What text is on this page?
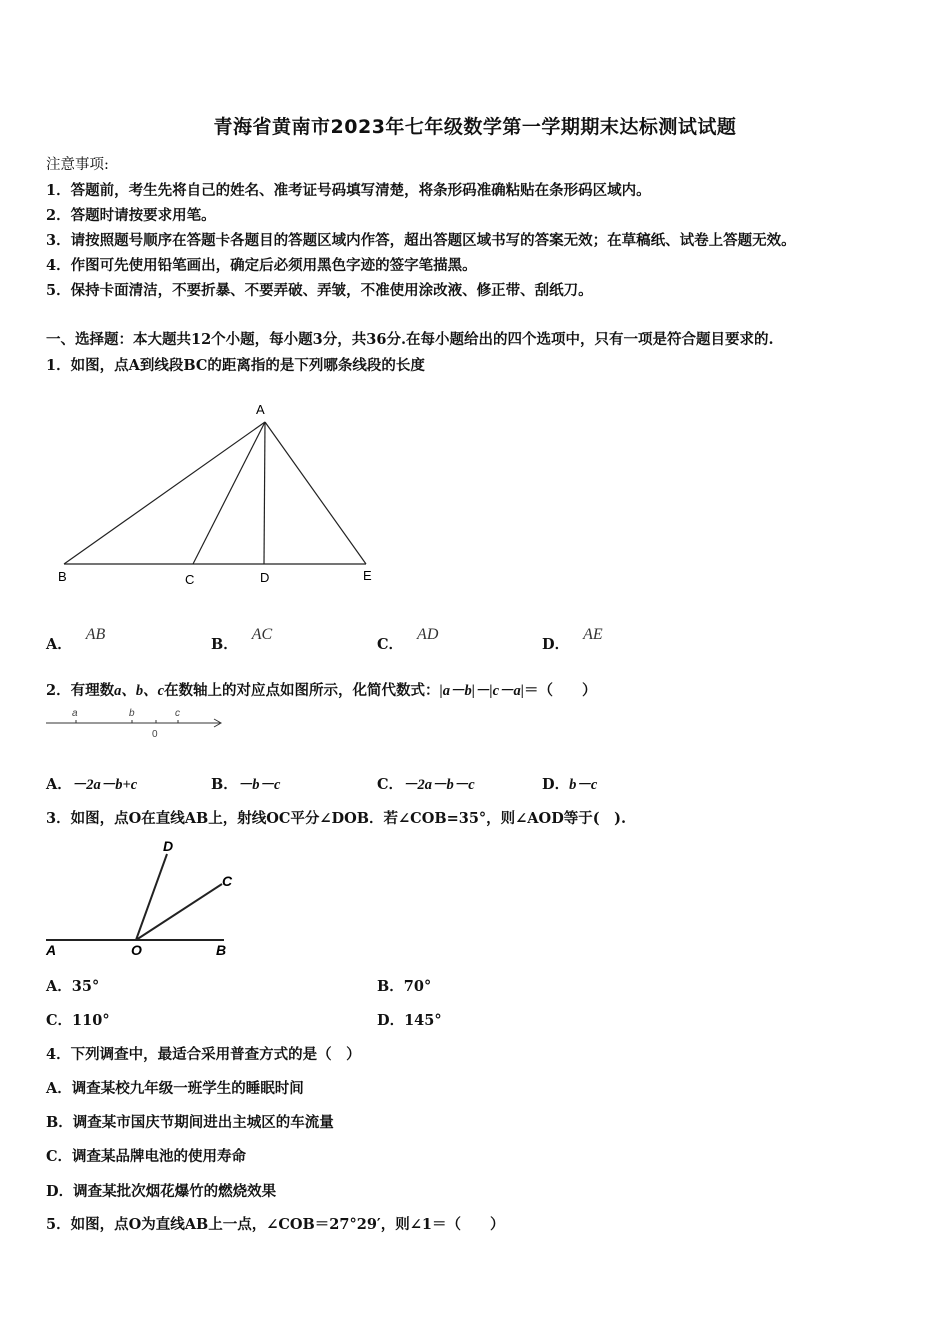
青海省黄南市2023年七年级数学第一学期期末达标测试试题
注意事项:
1．答题前，考生先将自己的姓名、准考证号码填写清楚，将条形码准确粘贴在条形码区域内。
2．答题时请按要求用笔。
3．请按照题号顺序在答题卡各题目的答题区域内作答，超出答题区域书写的答案无效；在草稿纸、试卷上答题无效。
4．作图可先使用铅笔画出，确定后必须用黑色字迹的签字笔描黑。
5．保持卡面清洁，不要折暴、不要弄破、弄皱，不准使用涂改液、修正带、刮纸刀。
一、选择题：本大题共12个小题，每小题3分，共36分.在每小题给出的四个选项中，只有一项是符合题目要求的.
1．如图，点A到线段BC的距离指的是下列哪条线段的长度
A
B	C	D	E
A．AB
B．AC
C．AD
D．AE
2．有理数a、b、c在数轴上的对应点如图所示，化简代数式：|a－b|－|c－a|＝（　　）
a	b	c
0
A．－2a－b+c	B．－b－c	C．－2a－b－c	D．b－c
3．如图，点O在直线AB上，射线OC平分∠DOB．若∠COB=35°，则∠AOD等于(　).
A	O	B
C
D
A．35°	B．70°
C．110°	D．145°
4．下列调查中，最适合采用普查方式的是（　）
A．调查某校九年级一班学生的睡眠时间
B．调查某市国庆节期间进出主城区的车流量
C．调查某品牌电池的使用寿命
D．调查某批次烟花爆竹的燃烧效果
5．如图，点O为直线AB上一点，∠COB＝27°29′，则∠1＝（　　）
